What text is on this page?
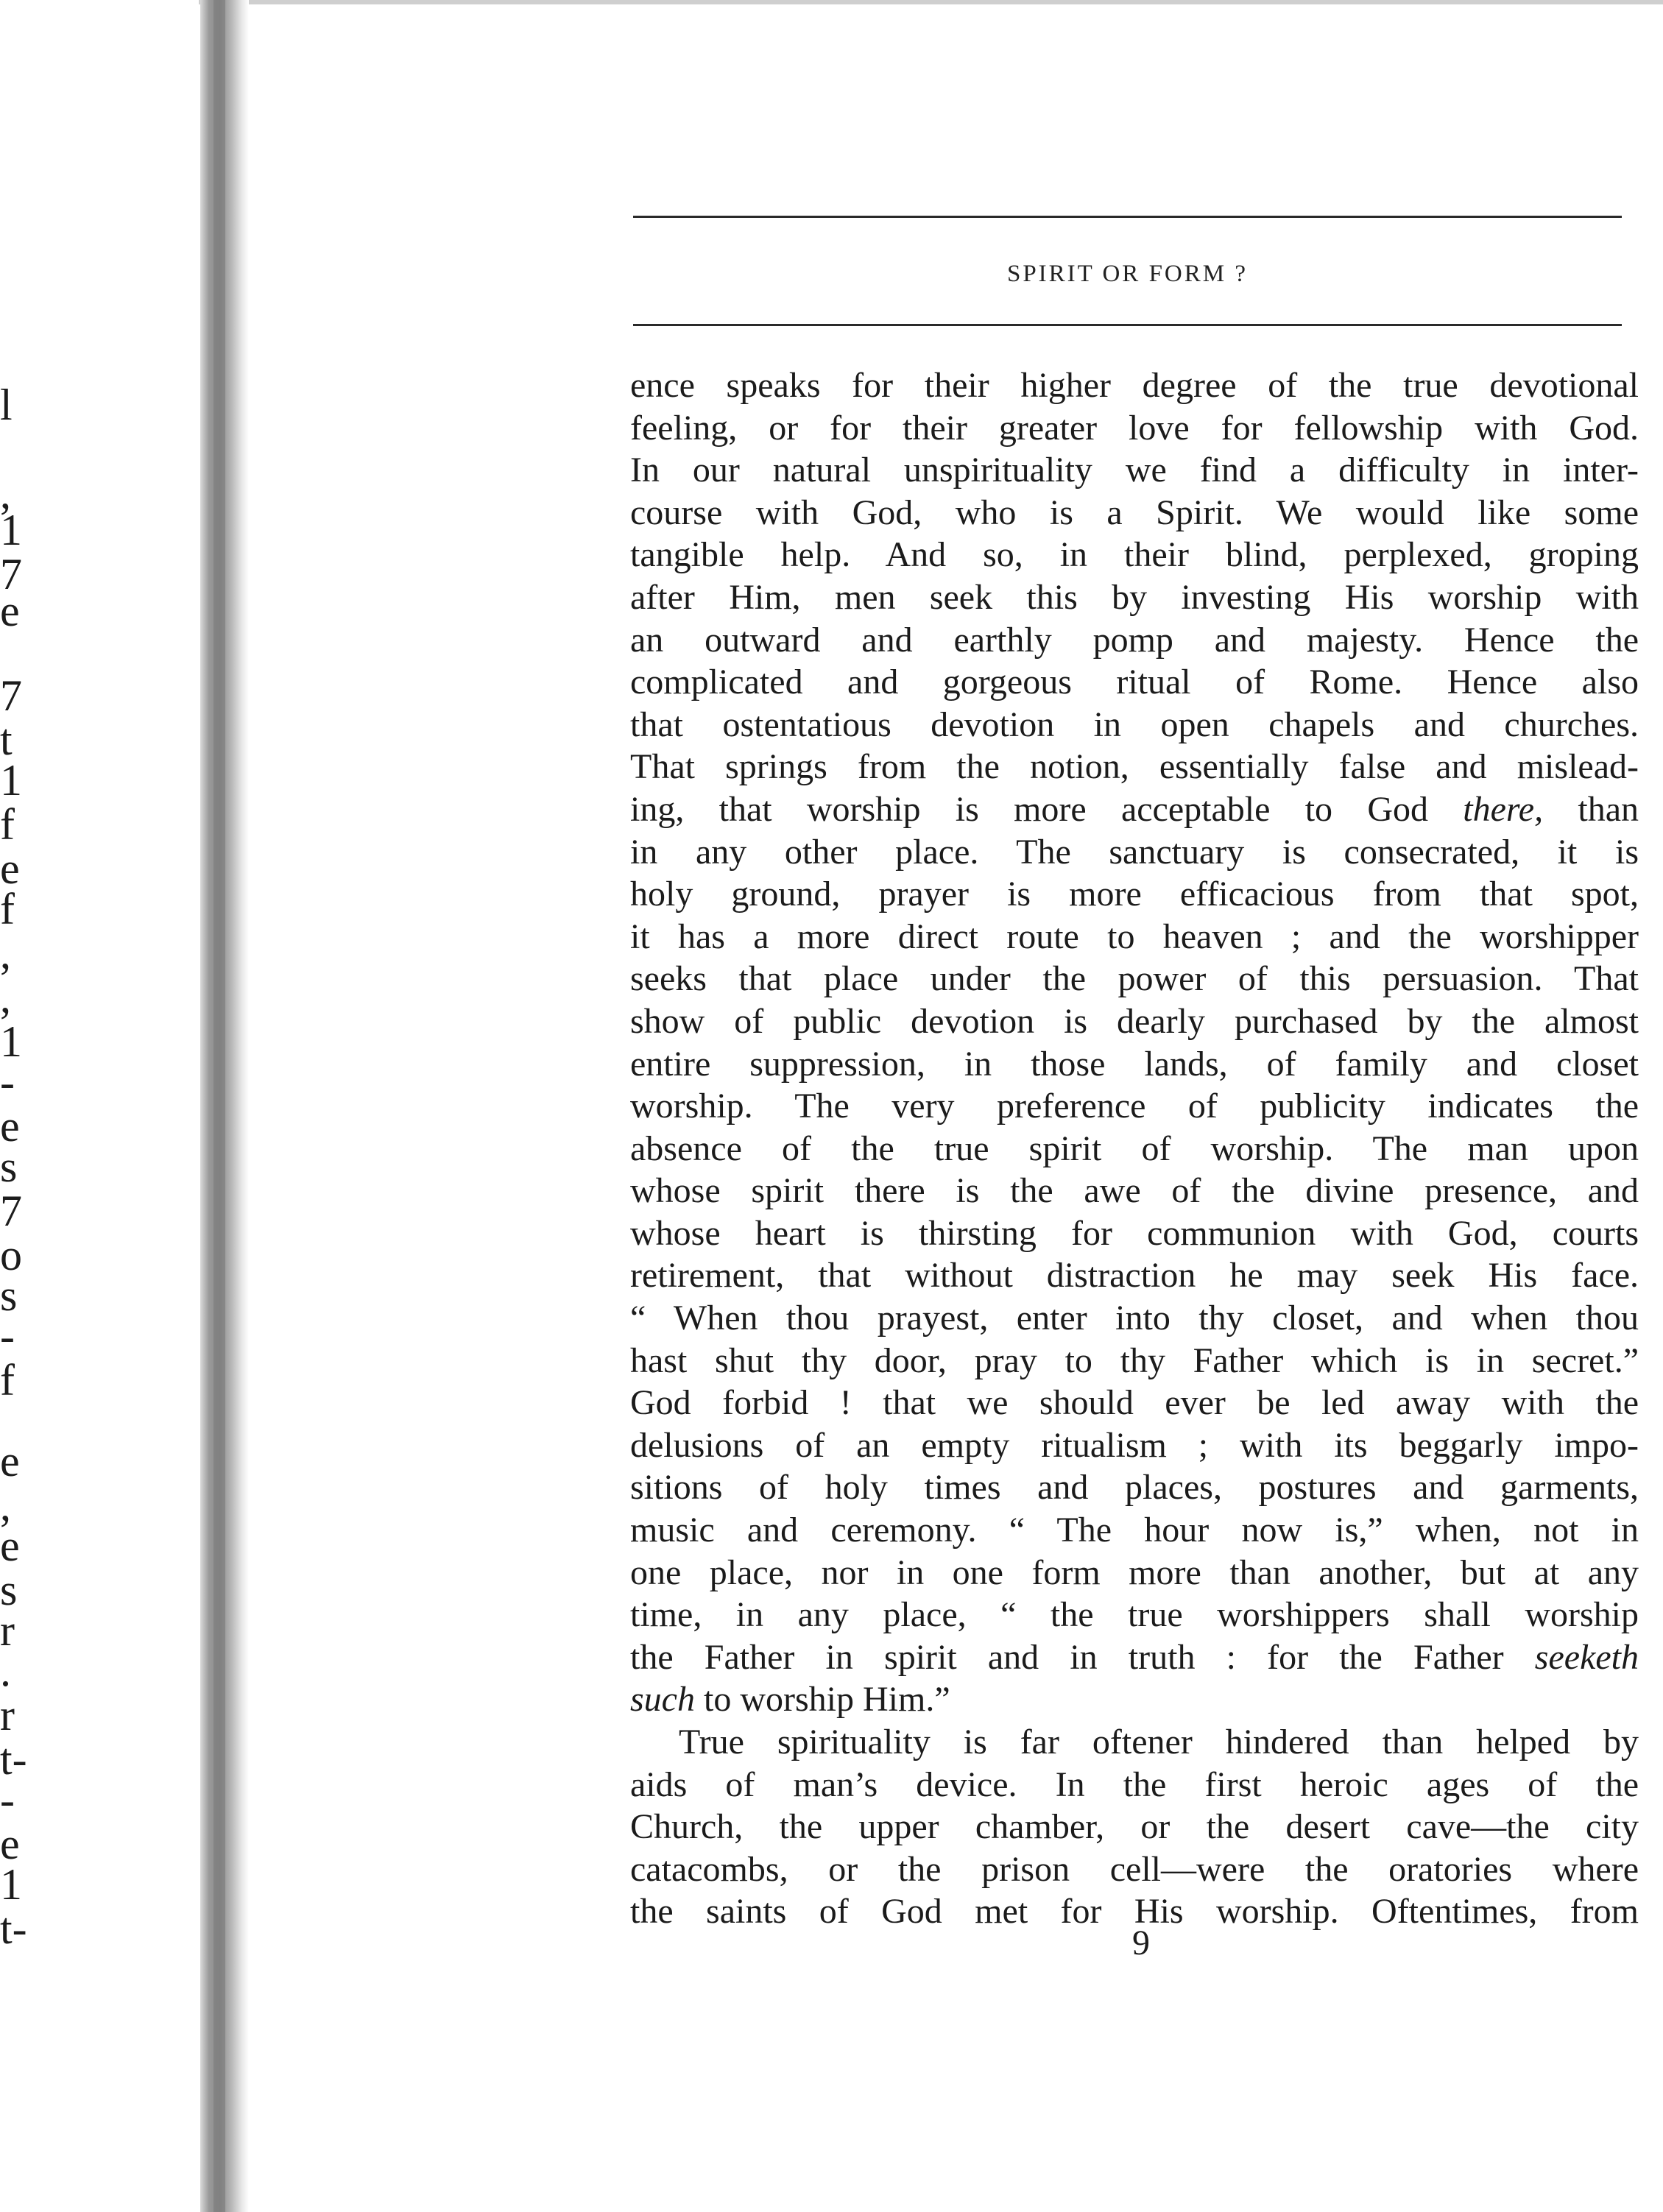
l
,
1
7
e
7
t
1
f
e
f
,
,
1
-
e
s
7
o
s
-
f
e
,
e
s
r
.
r
t-
-
e
1
t-
SPIRIT OR FORM ?
ence speaks for their higher degree of the true devotional
feeling, or for their greater love for fellowship with God.
In our natural unspirituality we find a difficulty in inter-
course with God, who is a Spirit. We would like some
tangible help. And so, in their blind, perplexed, groping
after Him, men seek this by investing His worship with
an outward and earthly pomp and majesty. Hence the
complicated and gorgeous ritual of Rome. Hence also
that ostentatious devotion in open chapels and churches.
That springs from the notion, essentially false and mislead-
ing, that worship is more acceptable to God there, than
in any other place. The sanctuary is consecrated, it is
holy ground, prayer is more efficacious from that spot,
it has a more direct route to heaven ; and the worshipper
seeks that place under the power of this persuasion. That
show of public devotion is dearly purchased by the almost
entire suppression, in those lands, of family and closet
worship. The very preference of publicity indicates the
absence of the true spirit of worship. The man upon
whose spirit there is the awe of the divine presence, and
whose heart is thirsting for communion with God, courts
retirement, that without distraction he may seek His face.
“ When thou prayest, enter into thy closet, and when thou
hast shut thy door, pray to thy Father which is in secret.”
God forbid ! that we should ever be led away with the
delusions of an empty ritualism ; with its beggarly impo-
sitions of holy times and places, postures and garments,
music and ceremony. “ The hour now is,” when, not in
one place, nor in one form more than another, but at any
time, in any place, “ the true worshippers shall worship
the Father in spirit and in truth : for the Father seeketh
such to worship Him.”
True spirituality is far oftener hindered than helped by
aids of man’s device. In the first heroic ages of the
Church, the upper chamber, or the desert cave—the city
catacombs, or the prison cell—were the oratories where
the saints of God met for His worship. Oftentimes, from
9
